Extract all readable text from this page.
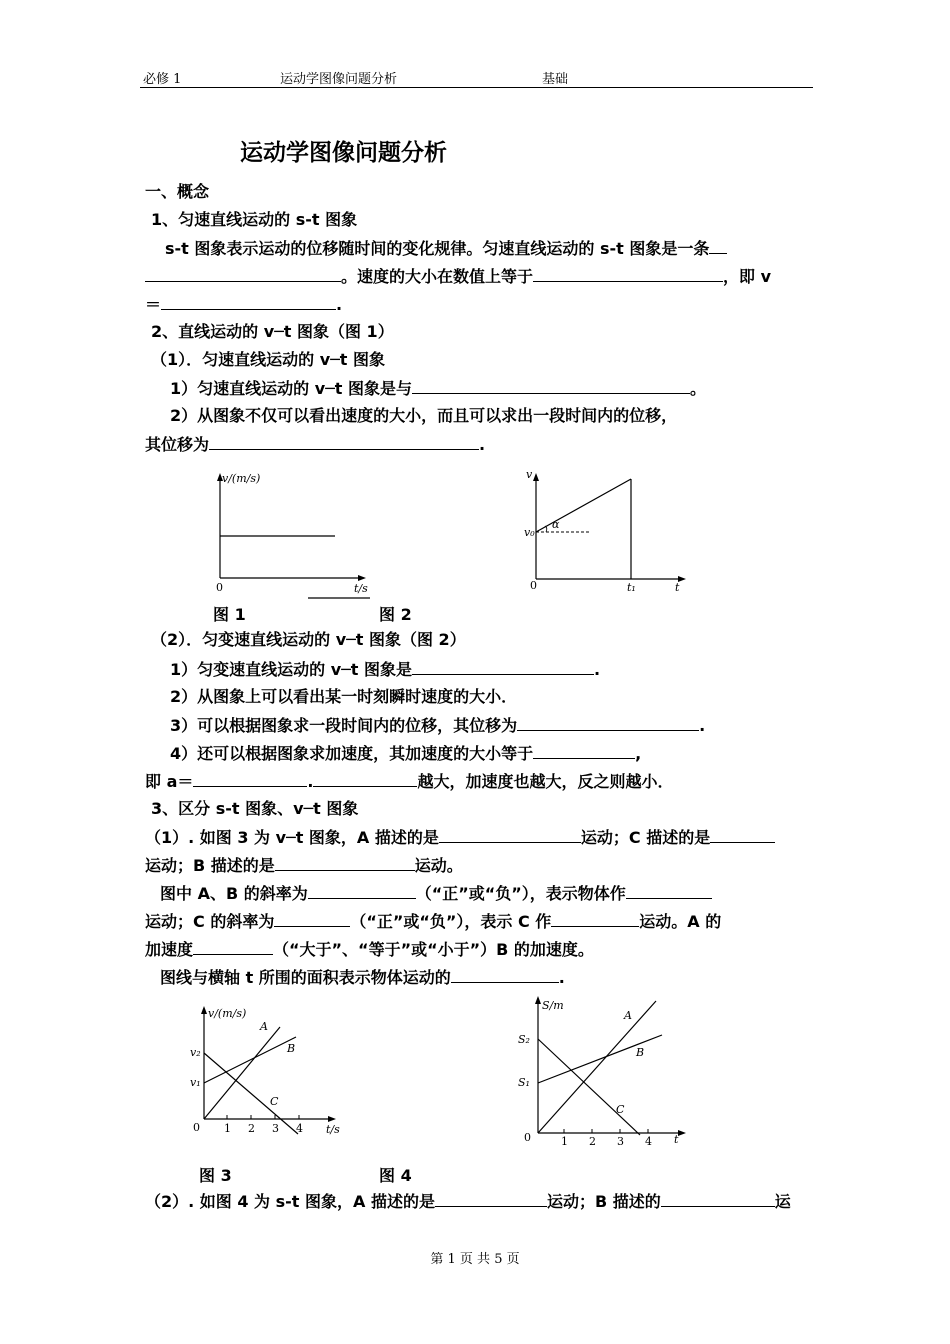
必修 1	运动学图像问题分析	基础
运动学图像问题分析
一、概念
1、匀速直线运动的 s-t 图象
s-t 图象表示运动的位移随时间的变化规律。匀速直线运动的 s-t 图象是一条
。速度的大小在数值上等于	，即 v
＝	.
2、直线运动的 v─t 图象（图 1）
（1）．匀速直线运动的 v─t 图象
1）匀速直线运动的 v─t 图象是与	。
2）从图象不仅可以看出速度的大小，而且可以求出一段时间内的位移，
其位移为	.
v/(m/s)
0	t/s
v
v₀
α
0	t₁	t
图 1	图 2
（2）．匀变速直线运动的 v─t 图象（图 2）
1）匀变速直线运动的 v─t 图象是	.
2）从图象上可以看出某一时刻瞬时速度的大小．
3）可以根据图象求一段时间内的位移，其位移为	.
4）还可以根据图象求加速度，其加速度的大小等于	,
即 a＝	.	越大，加速度也越大，反之则越小．
3、区分 s-t 图象、v─t 图象
（1）. 如图 3 为 v─t 图象，A 描述的是	运动；C 描述的是
运动；B 描述的是	运动。
图中 A、B 的斜率为	（“正”或“负”），表示物体作
运动；C 的斜率为	（“正”或“负”），表示 C 作	运动。A 的
加速度	（“大于”、“等于”或“小于”）B 的加速度。
图线与横轴 t 所围的面积表示物体运动的	.
v/(m/s)
v₂
v₁
0 1 2 3 4 t/s
A
B
C
S/m
S₂
S₁
0	1 2 3 4 t
A
B
C
图 3	图 4
（2）. 如图 4 为 s-t 图象，A 描述的是	运动；B 描述的	运
第 1 页 共 5 页
